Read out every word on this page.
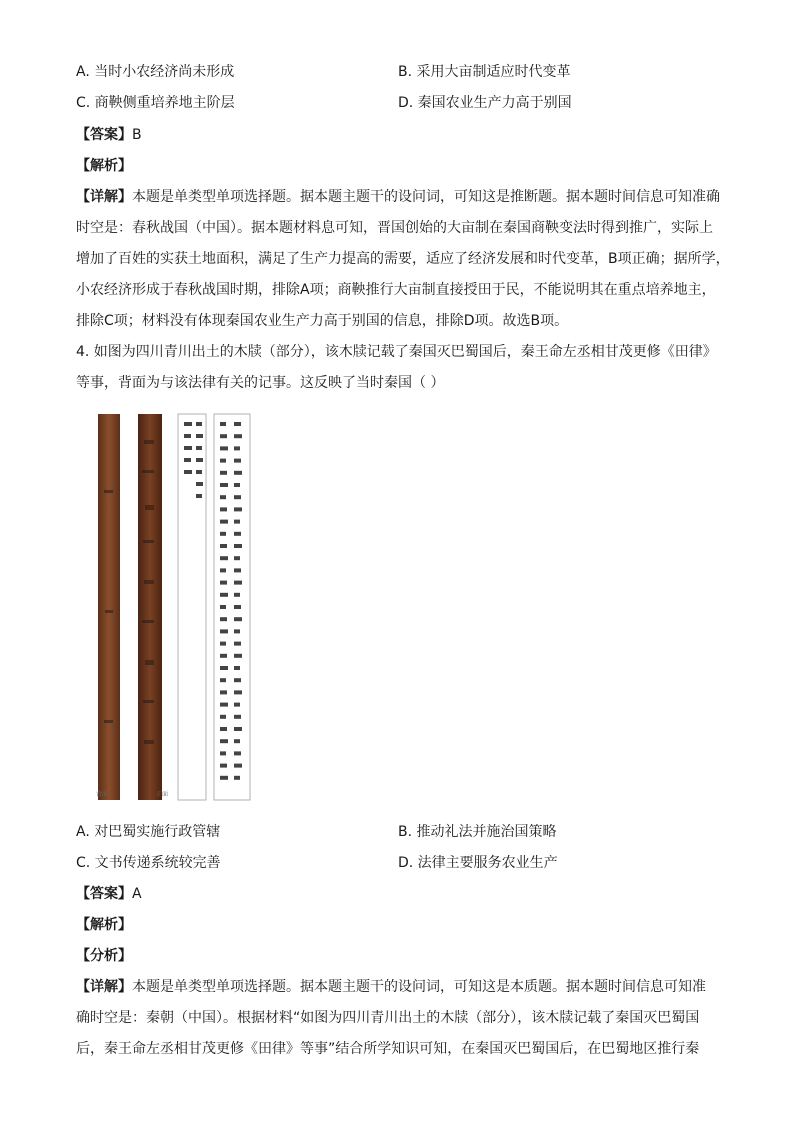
A. 当时小农经济尚未形成	B. 采用大亩制适应时代变革
C. 商鞅侧重培养地主阶层	D. 秦国农业生产力高于别国
【答案】B
【解析】
【详解】本题是单类型单项选择题。据本题主题干的设问词，可知这是推断题。据本题时间信息可知准确
时空是：春秋战国（中国）。据本题材料息可知，晋国创始的大亩制在秦国商鞅变法时得到推广，实际上
增加了百姓的实获土地面积，满足了生产力提高的需要，适应了经济发展和时代变革，B项正确；据所学，
小农经济形成于春秋战国时期，排除A项；商鞅推行大亩制直接授田于民，不能说明其在重点培养地主，
排除C项；材料没有体现秦国农业生产力高于别国的信息，排除D项。故选B项。
4. 如图为四川青川出土的木牍（部分），该木牍记载了秦国灭巴蜀国后，秦王命左丞相甘茂更修《田律》
等事，背面为与该法律有关的记事。这反映了当时秦国（ ）
背面	正面
A. 对巴蜀实施行政管辖	B. 推动礼法并施治国策略
C. 文书传递系统较完善	D. 法律主要服务农业生产
【答案】A
【解析】
【分析】
【详解】本题是单类型单项选择题。据本题主题干的设问词，可知这是本质题。据本题时间信息可知准
确时空是：秦朝（中国）。根据材料“如图为四川青川出土的木牍（部分），该木牍记载了秦国灭巴蜀国
后，秦王命左丞相甘茂更修《田律》等事”结合所学知识可知，在秦国灭巴蜀国后，在巴蜀地区推行秦
